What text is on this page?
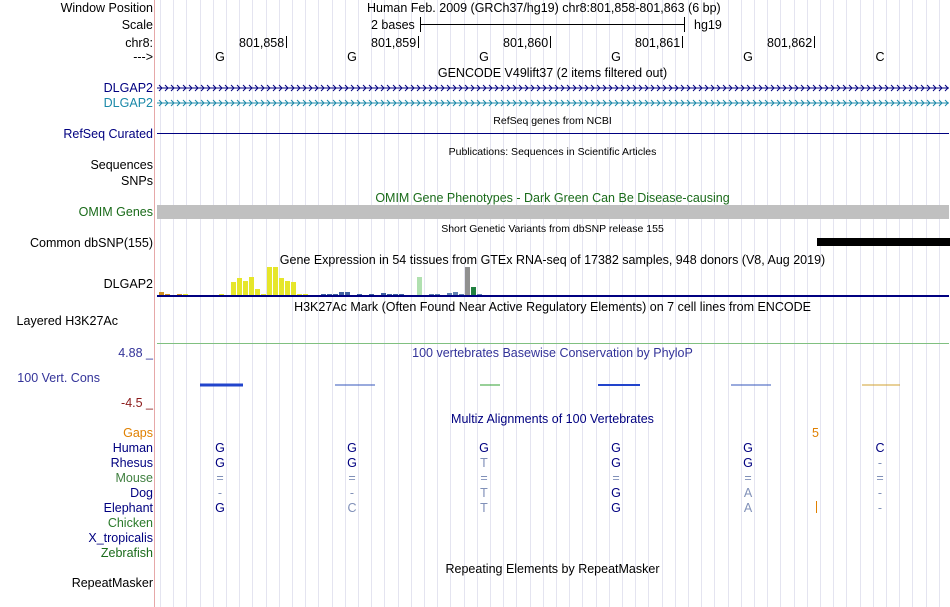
Window Position	Human Feb. 2009 (GRCh37/hg19) chr8:801,858-801,863 (6 bp)
Scale	2 bases	hg19
chr8:	801,858	801,859	801,860	801,861	801,862
--->	G	G	G	G	G	C
GENCODE V49lift37 (2 items filtered out)
DLGAP2
DLGAP2
RefSeq genes from NCBI
RefSeq Curated
Publications: Sequences in Scientific Articles
Sequences
SNPs
OMIM Gene Phenotypes - Dark Green Can Be Disease-causing
OMIM Genes
Short Genetic Variants from dbSNP release 155
Common dbSNP(155)
Gene Expression in 54 tissues from GTEx RNA-seq of 17382 samples, 948 donors (V8, Aug 2019)
DLGAP2
H3K27Ac Mark (Often Found Near Active Regulatory Elements) on 7 cell lines from ENCODE
Layered H3K27Ac
4.88 _	100 vertebrates Basewise Conservation by PhyloP
100 Vert. Cons
-4.5 _
Multiz Alignments of 100 Vertebrates
Gaps	5
Human	G	G	G	G	G	C
Rhesus	G	G	T	G	G	-
Mouse	=	=	=	=	=	=
Dog	-	-	T	G	A	-
Elephant	G	C	T	G	A	-
Chicken
X_tropicalis
Zebrafish
Repeating Elements by RepeatMasker
RepeatMasker
